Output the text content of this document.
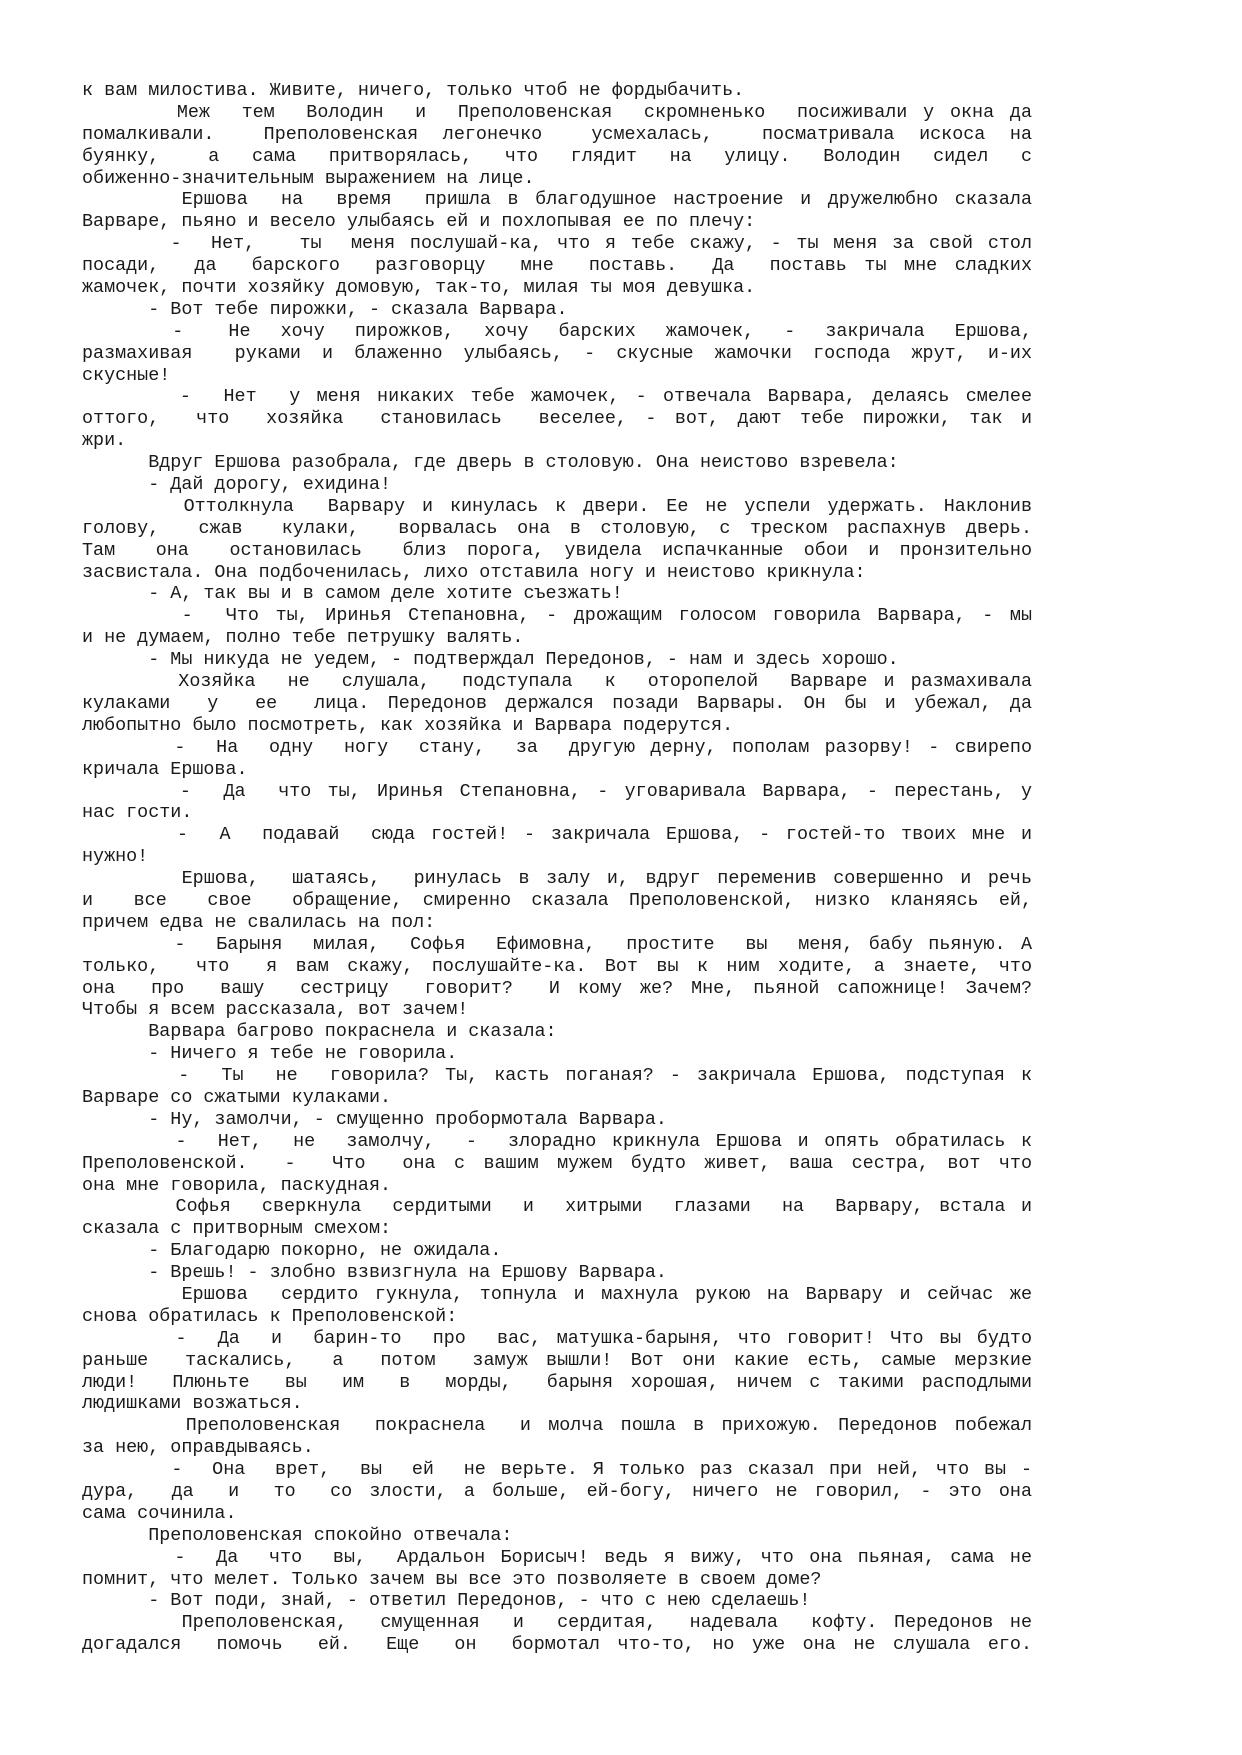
к вам милостива. Живите, ничего, только чтоб не фордыбачить.
Меж  тем  Володин  и  Преполовенская  скромненько  посиживали у окна да
помалкивали.  Преполовенская легонечко  усмехалась,  посматривала искоса на
буянку,   а  сама  притворялась,  что  глядит  на  улицу.  Володин  сидел  с
обиженно-значительным выражением на лице.
Ершова  на  время  пришла в благодушное настроение и дружелюбно сказала
Варваре, пьяно и весело улыбаясь ей и похлопывая ее по плечу:
-  Нет,   ты  меня послушай-ка, что я тебе скажу, - ты меня за свой стол
посади,  да  барского  разговорцу  мне  поставь.  Да  поставь ты мне сладких
жамочек, почти хозяйку домовую, так-то, милая ты моя девушка.
- Вот тебе пирожки, - сказала Варвара.
-   Не  хочу  пирожков,  хочу  барских  жамочек,  -  закричала  Ершова,
размахивая  руками и блаженно улыбаясь, - скусные жамочки господа жрут, и-их
скусные!
-  Нет  у меня никаких тебе жамочек, - отвечала Варвара, делаясь смелее
оттого,  что  хозяйка  становилась  веселее, - вот, дают тебе пирожки, так и
жри.
Вдруг Ершова разобрала, где дверь в столовую. Она неистово взревела:
- Дай дорогу, ехидина!
Оттолкнула  Варвару и кинулась к двери. Ее не успели удержать. Наклонив
голову,  сжав  кулаки,  ворвалась она в столовую, с треском распахнув дверь.
Там  она  остановилась  близ порога, увидела испачканные обои и пронзительно
засвистала. Она подбоченилась, лихо отставила ногу и неистово крикнула:
- А, так вы и в самом деле хотите съезжать!
-  Что ты, Иринья Степановна, - дрожащим голосом говорила Варвара, - мы
и не думаем, полно тебе петрушку валять.
- Мы никуда не уедем, - подтверждал Передонов, - нам и здесь хорошо.
Хозяйка  не  слушала,  подступала  к  оторопелой  Варваре и размахивала
кулаками  у  ее  лица. Передонов держался позади Варвары. Он бы и убежал, да
любопытно было посмотреть, как хозяйка и Варвара подерутся.
-  На  одну  ногу  стану,  за  другую дерну, пополам разорву! - свирепо
кричала Ершова.
-  Да  что ты, Иринья Степановна, - уговаривала Варвара, - перестань, у
нас гости.
-  А  подавай  сюда гостей! - закричала Ершова, - гостей-то твоих мне и
нужно!
Ершова,  шатаясь,  ринулась в залу и, вдруг переменив совершенно и речь
и  все  свое  обращение, смиренно сказала Преполовенской, низко кланяясь ей,
причем едва не свалилась на пол:
-  Барыня  милая,  Софья  Ефимовна,  простите  вы  меня, бабу пьяную. А
только,  что  я вам скажу, послушайте-ка. Вот вы к ним ходите, а знаете, что
она  про  вашу  сестрицу  говорит?  И кому же? Мне, пьяной сапожнице! Зачем?
Чтобы я всем рассказала, вот зачем!
Варвара багрово покраснела и сказала:
- Ничего я тебе не говорила.
-  Ты  не  говорила? Ты, касть поганая? - закричала Ершова, подступая к
Варваре со сжатыми кулаками.
- Ну, замолчи, - смущенно пробормотала Варвара.
-  Нет,  не  замолчу,  -  злорадно крикнула Ершова и опять обратилась к
Преполовенской.  -  Что  она с вашим мужем будто живет, ваша сестра, вот что
она мне говорила, паскудная.
Софья  сверкнула  сердитыми  и  хитрыми  глазами  на  Варвару, встала и
сказала с притворным смехом:
- Благодарю покорно, не ожидала.
- Врешь! - злобно взвизгнула на Ершову Варвара.
Ершова  сердито гукнула, топнула и махнула рукою на Варвару и сейчас же
снова обратилась к Преполовенской:
-  Да  и  барин-то  про  вас, матушка-барыня, что говорит! Что вы будто
раньше  таскались,  а  потом  замуж вышли! Вот они какие есть, самые мерзкие
люди!  Плюньте  вы  им  в  морды,  барыня хорошая, ничем с такими расподлыми
людишками возжаться.
Преполовенская  покраснела  и молча пошла в прихожую. Передонов побежал
за нею, оправдываясь.
-  Она  врет,  вы  ей  не верьте. Я только раз сказал при ней, что вы -
дура,  да  и  то  со злости, а больше, ей-богу, ничего не говорил, - это она
сама сочинила.
Преполовенская спокойно отвечала:
-  Да  что  вы,  Ардальон Борисыч! ведь я вижу, что она пьяная, сама не
помнит, что мелет. Только зачем вы все это позволяете в своем доме?
- Вот поди, знай, - ответил Передонов, - что с нею сделаешь!
Преполовенская,  смущенная  и  сердитая,  надевала  кофту. Передонов не
догадался  помочь  ей.  Еще  он  бормотал что-то, но уже она не слушала его.
